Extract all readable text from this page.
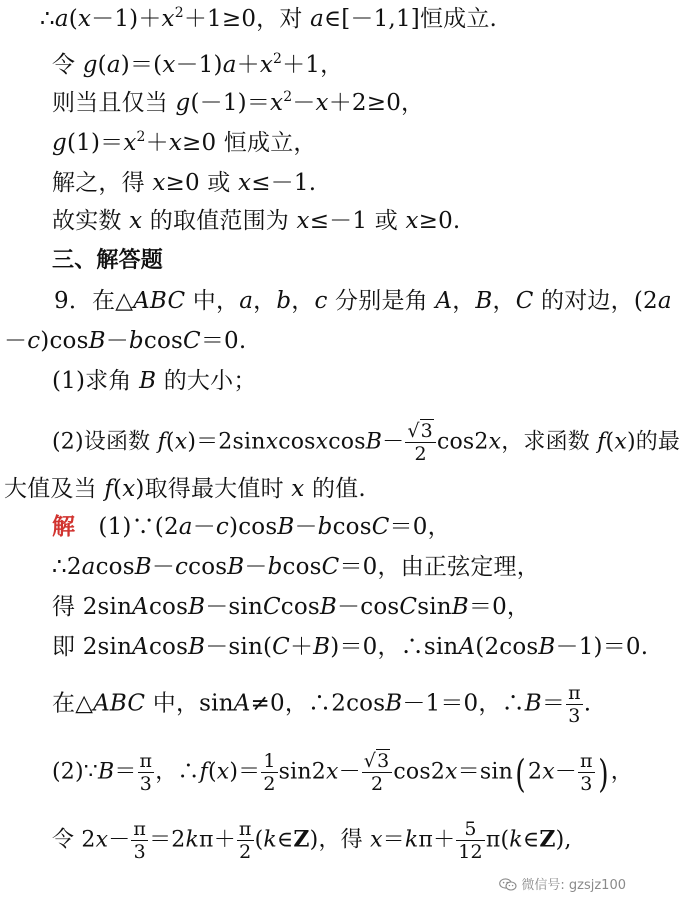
$\therefore a(x-1)+x^2+1\ge 0$，对 a∈[－1,1]恒成立.
令 $g(a)=(x-1)a+x^2+1$，
则当且仅当 $g(-1)=x^2-x+2\ge 0$，
$g(1)=x^2+x\ge 0$ 恒成立，
解之，得 x≥0 或 x≤－1.
故实数 x 的取值范围为 x≤－1 或 x≥0.
三、解答题
9．在△ABC 中，a，b，c 分别是角 A，B，C 的对边，(2a
－c)cosB－bcosC＝0.
(1)求角 B 的大小；
(2)设函数 f(x)＝2sinxcosxcosB－ $\frac{√3}{2} \cos 2x$，求函数 f(x)的最
大值及当 f(x)取得最大值时 x 的值.
解　(1)∵(2a－c)cosB－bcosC＝0，
∴2acosB－ccosB－bcosC＝0，由正弦定理，
得 2sinAcosB－sinCcosB－cosCsinB＝0，
即 2sinAcosB－sin(C＋B)＝0，∴sinA(2cosB－1)＝0.
在△ABC 中，sinA≠0，∴2cosB－1＝0，∴B＝ $\frac{\pi}{3}$ .
(2)∵B＝ $\frac{\pi}{3}$ ，∴f(x)＝ $\frac{1}{2} \sin 2x- \frac{√3}{2} \cos 2x=\sin$( $2x- \frac{\pi}{3}$ ) ，
令 $2x- \frac{\pi}{3} =2k\pi+ \frac{\pi}{2}$ (k∈Z)，得 $x=k\pi+ \frac{5}{12}$ π(k∈Z),
微信号: gzsjz100
